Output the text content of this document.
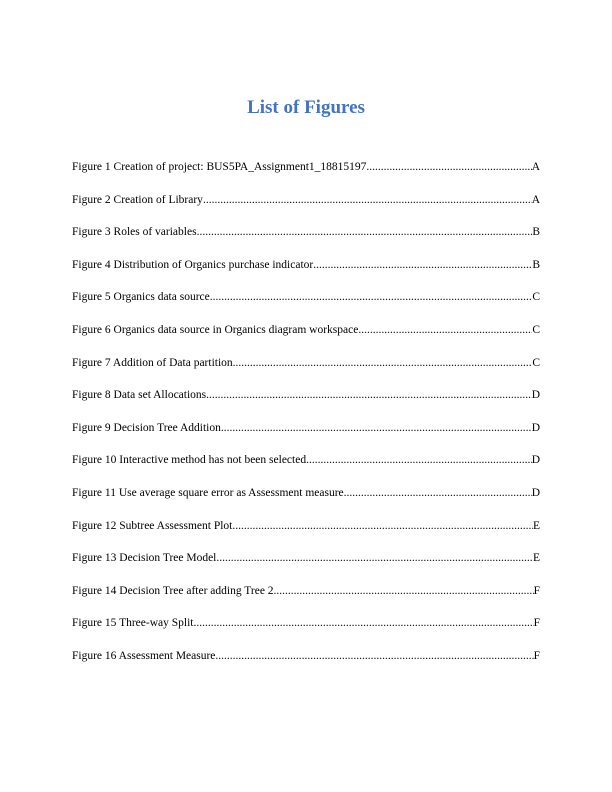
List of Figures
Figure 1 Creation of project: BUS5PA_Assignment1_18815197 .....	A
Figure 2 Creation of Library .....	A
Figure 3 Roles of variables .....	B
Figure 4 Distribution of Organics purchase indicator .....	B
Figure 5 Organics data source .....	C
Figure 6 Organics data source in Organics diagram workspace .....	C
Figure 7 Addition of Data partition .....	C
Figure 8 Data set Allocations .....	D
Figure 9 Decision Tree Addition .....	D
Figure 10 Interactive method has not been selected .....	D
Figure 11 Use average square error as Assessment measure .....	D
Figure 12 Subtree Assessment Plot .....	E
Figure 13 Decision Tree Model .....	E
Figure 14 Decision Tree after adding Tree 2 .....	F
Figure 15 Three-way Split .....	F
Figure 16 Assessment Measure .....	F
